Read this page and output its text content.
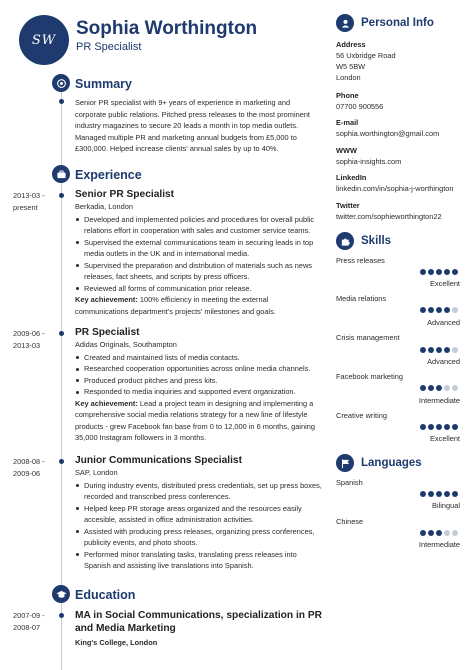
SW
Sophia Worthington
PR Specialist
Summary
Senior PR specialist with 9+ years of experience in marketing and corporate public relations. Pitched press releases to the most prominent industry magazines to secure 20 leads a month in top media outlets. Managed multiple PR and marketing annual budgets from £5,000 to £300,000. Helped increase clients' annual sales by up to 40%.
Experience
2013-03 -
present
Senior PR Specialist
Berkadia, London
Developed and implemented policies and procedures for overall public relations effort in cooperation with sales and customer service teams.
Supervised the external communications team in securing leads in top media outlets in the UK and in international media.
Supervised the preparation and distribution of materials such as news releases, fact sheets, and scripts by press officers.
Reviewed all forms of communication prior release.
Key achievement: 100% efficiency in meeting the external communications department's projects' milestones and goals.
2009-06 -
2013-03
PR Specialist
Adidas Originals, Southampton
Created and maintained lists of media contacts.
Researched cooperation opportunities across online media channels.
Produced product pitches and press kits.
Responded to media inquiries and supported event organization.
Key achievement: Lead a project team in designing and implementing a comprehensive social media relations strategy for a new line of lifestyle products - grew Facebook fan base from 0 to 12,000 in 6 months, gaining 35,000 Instagram followers in 3 months.
2008-08 -
2009-06
Junior Communications Specialist
SAP, London
During industry events, distributed press credentials, set up press boxes, recorded and transcribed press conferences.
Helped keep PR storage areas organized and the resources easily accesible, assisted in office administration activities.
Assisted with producing press releases, organizing press conferences, publicity events, and photo shoots.
Performed minor translating tasks, translating press releases into Spanish and assisting live translations into Spanish.
Education
2007-09 -
2008-07
MA in Social Communications, specialization in PR and Media Marketing
King's College, London
Personal Info
Address
56 Uxbridge Road
W5 5BW
London
Phone
07700 900556
E-mail
sophia.worthington@gmail.com
WWW
sophia-insights.com
LinkedIn
linkedin.com/in/sophia-j-worthington
Twitter
twitter.com/sophieworthington22
Skills
Press releases
Excellent
Media relations
Advanced
Crisis management
Advanced
Facebook marketing
Intermediate
Creative writing
Excellent
Languages
Spanish
Bilingual
Chinese
Intermediate
